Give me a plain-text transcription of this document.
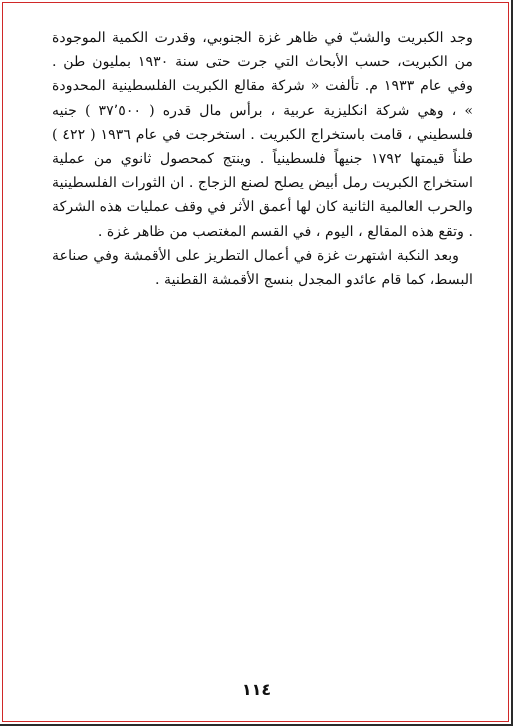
وجد الكبريت والشبّ في ظاهر غزة الجنوبي، وقدرت الكمية الموجودة من الكبريت، حسب الأبحاث التي جرت حتى سنة ١٩٣٠ بمليون طن . وفي عام ١٩٣٣ م. تألفت « شركة مقالع الكبريت الفلسطينية المحدودة » ، وهي شركة انكليزية عربية ، برأس مال قدره ( ٣٧٬٥٠٠ ) جنيه فلسطيني ، قامت باستخراج الكبريت . استخرجت في عام ١٩٣٦ ( ٤٢٢ ) طناً قيمتها ١٧٩٢ جنيهاً فلسطينياً . وينتج كمحصول ثانوي من عملية استخراج الكبريت رمل أبيض يصلح لصنع الزجاج . ان الثورات الفلسطينية والحرب العالمية الثانية كان لها أعمق الأثر في وقف عمليات هذه الشركة . وتقع هذه المقالع ، اليوم ، في القسم المغتصب من ظاهر غزة .

وبعد النكبة اشتهرت غزة في أعمال التطريز على الأقمشة وفي صناعة البسط، كما قام عائدو المجدل بنسج الأقمشة القطنية .

١١٤
